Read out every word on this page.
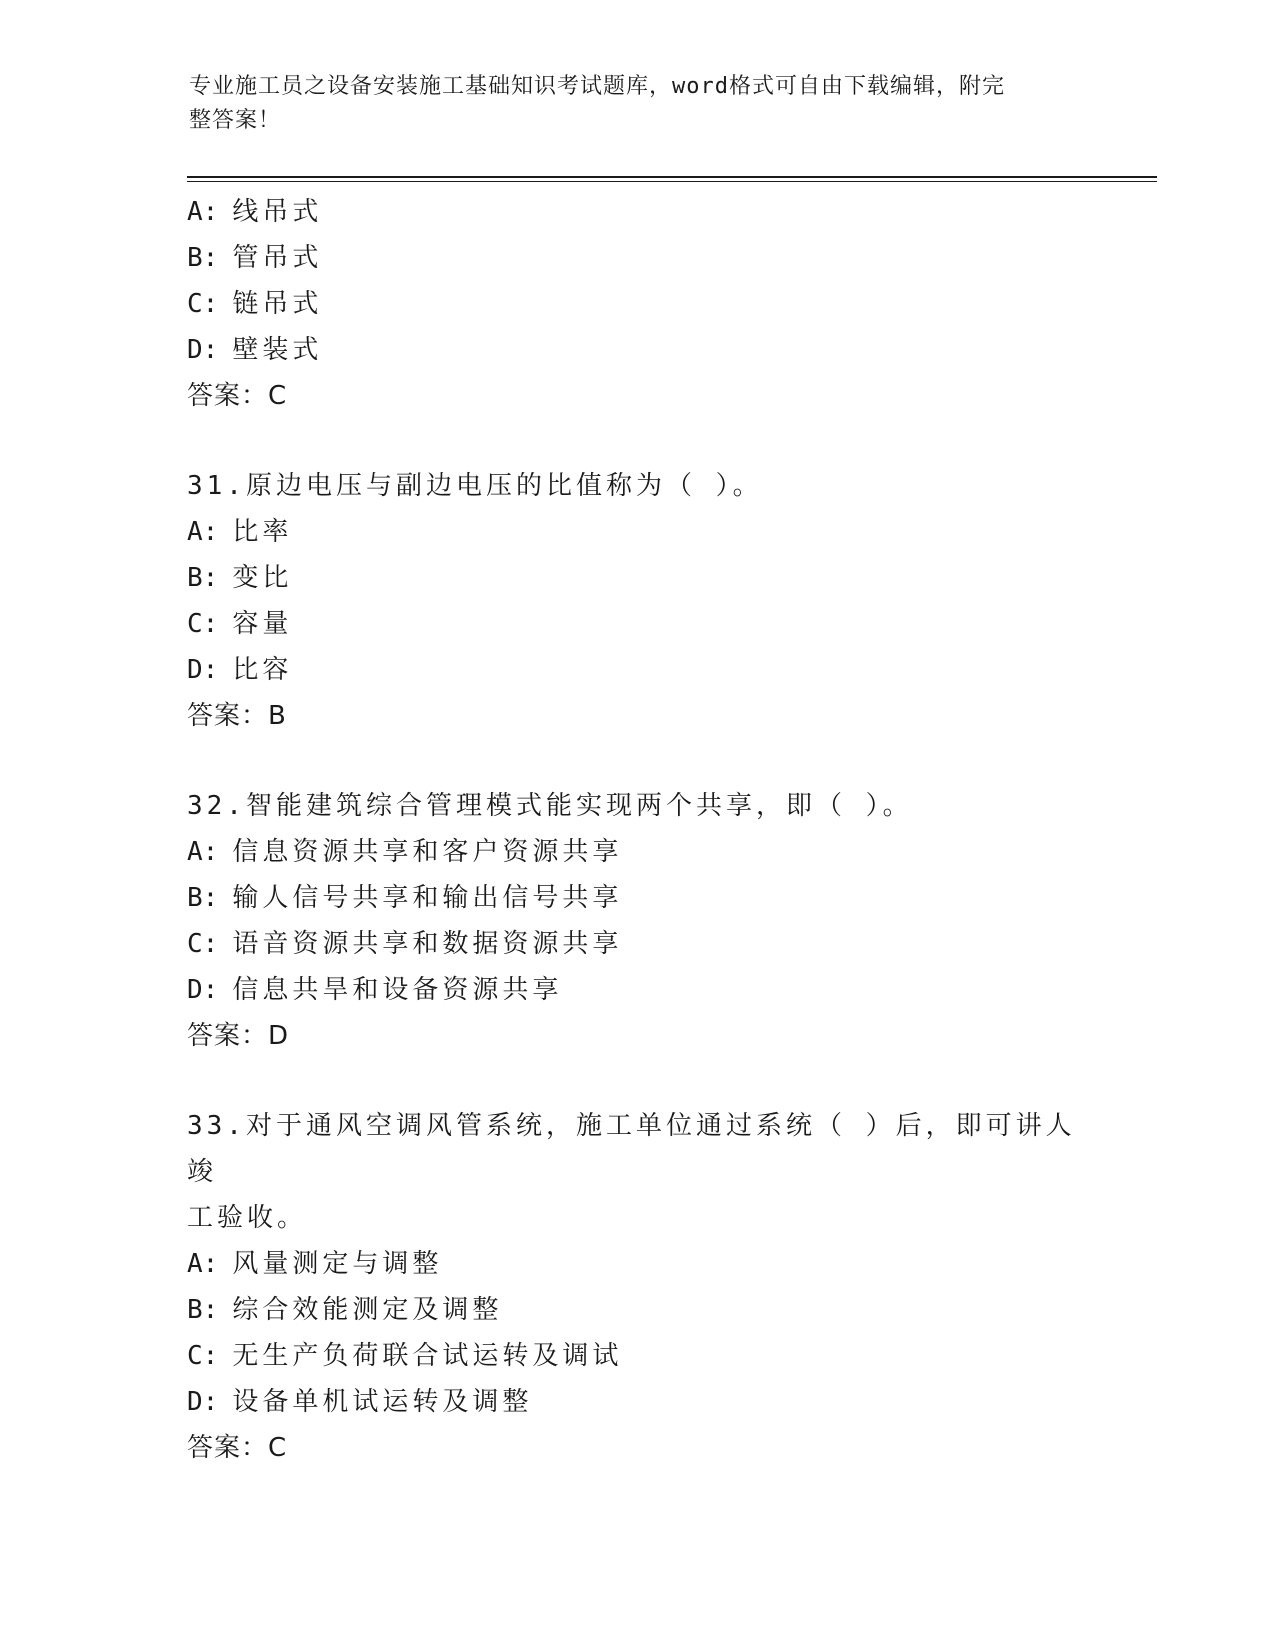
专业施工员之设备安装施工基础知识考试题库，word格式可自由下载编辑，附完
整答案！
A: 线吊式
B: 管吊式
C: 链吊式
D: 壁装式
答案：C
31.原边电压与副边电压的比值称为（ ）。
A: 比率
B: 变比
C: 容量
D: 比容
答案：B
32.智能建筑综合管理模式能实现两个共享，即（ ）。
A: 信息资源共享和客户资源共享
B: 输人信号共享和输出信号共享
C: 语音资源共享和数据资源共享
D: 信息共旱和设备资源共享
答案：D
33.对于通风空调风管系统，施工单位通过系统（ ）后，即可讲人竣
工验收。
A: 风量测定与调整
B: 综合效能测定及调整
C: 无生产负荷联合试运转及调试
D: 设备单机试运转及调整
答案：C
